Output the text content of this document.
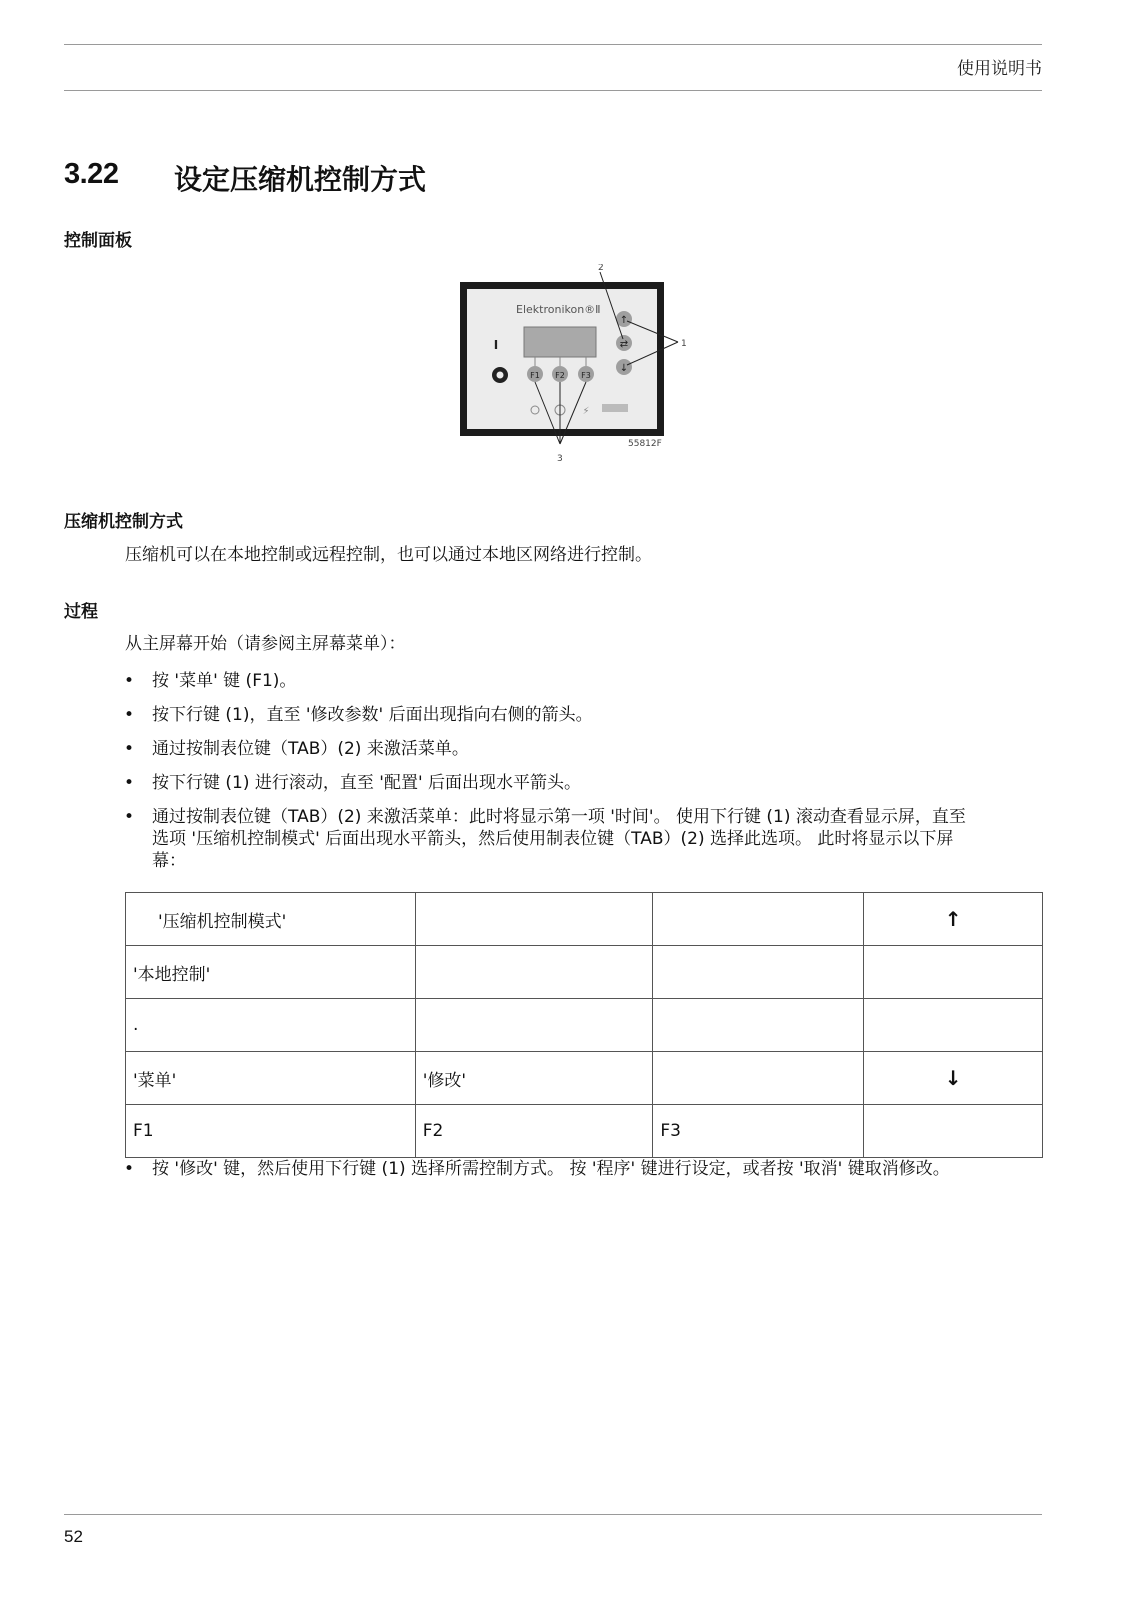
使用说明书
3.22 设定压缩机控制方式
控制面板
Elektronikon®Ⅱ
I
F1 F2 F3
↑
⇄
↓
⚡
2
1
3
55812F
压缩机控制方式
压缩机可以在本地控制或远程控制，也可以通过本地区网络进行控制。
过程
从主屏幕开始（请参阅主屏幕菜单）：
• 按 '菜单' 键 (F1)。
• 按下行键 (1)，直至 '修改参数' 后面出现指向右侧的箭头。
• 通过按制表位键（TAB）(2) 来激活菜单。
• 按下行键 (1) 进行滚动，直至 '配置' 后面出现水平箭头。
• 通过按制表位键（TAB）(2) 来激活菜单：此时将显示第一项 '时间'。 使用下行键 (1) 滚动查看显示屏，直至选项 '压缩机控制模式' 后面出现水平箭头，然后使用制表位键（TAB）(2) 选择此选项。 此时将显示以下屏幕：
'压缩机控制模式'			↑
'本地控制'			
.			
'菜单'	'修改'		↓
F1	F2	F3	
• 按 '修改' 键，然后使用下行键 (1) 选择所需控制方式。 按 '程序' 键进行设定，或者按 '取消' 键取消修改。
52
